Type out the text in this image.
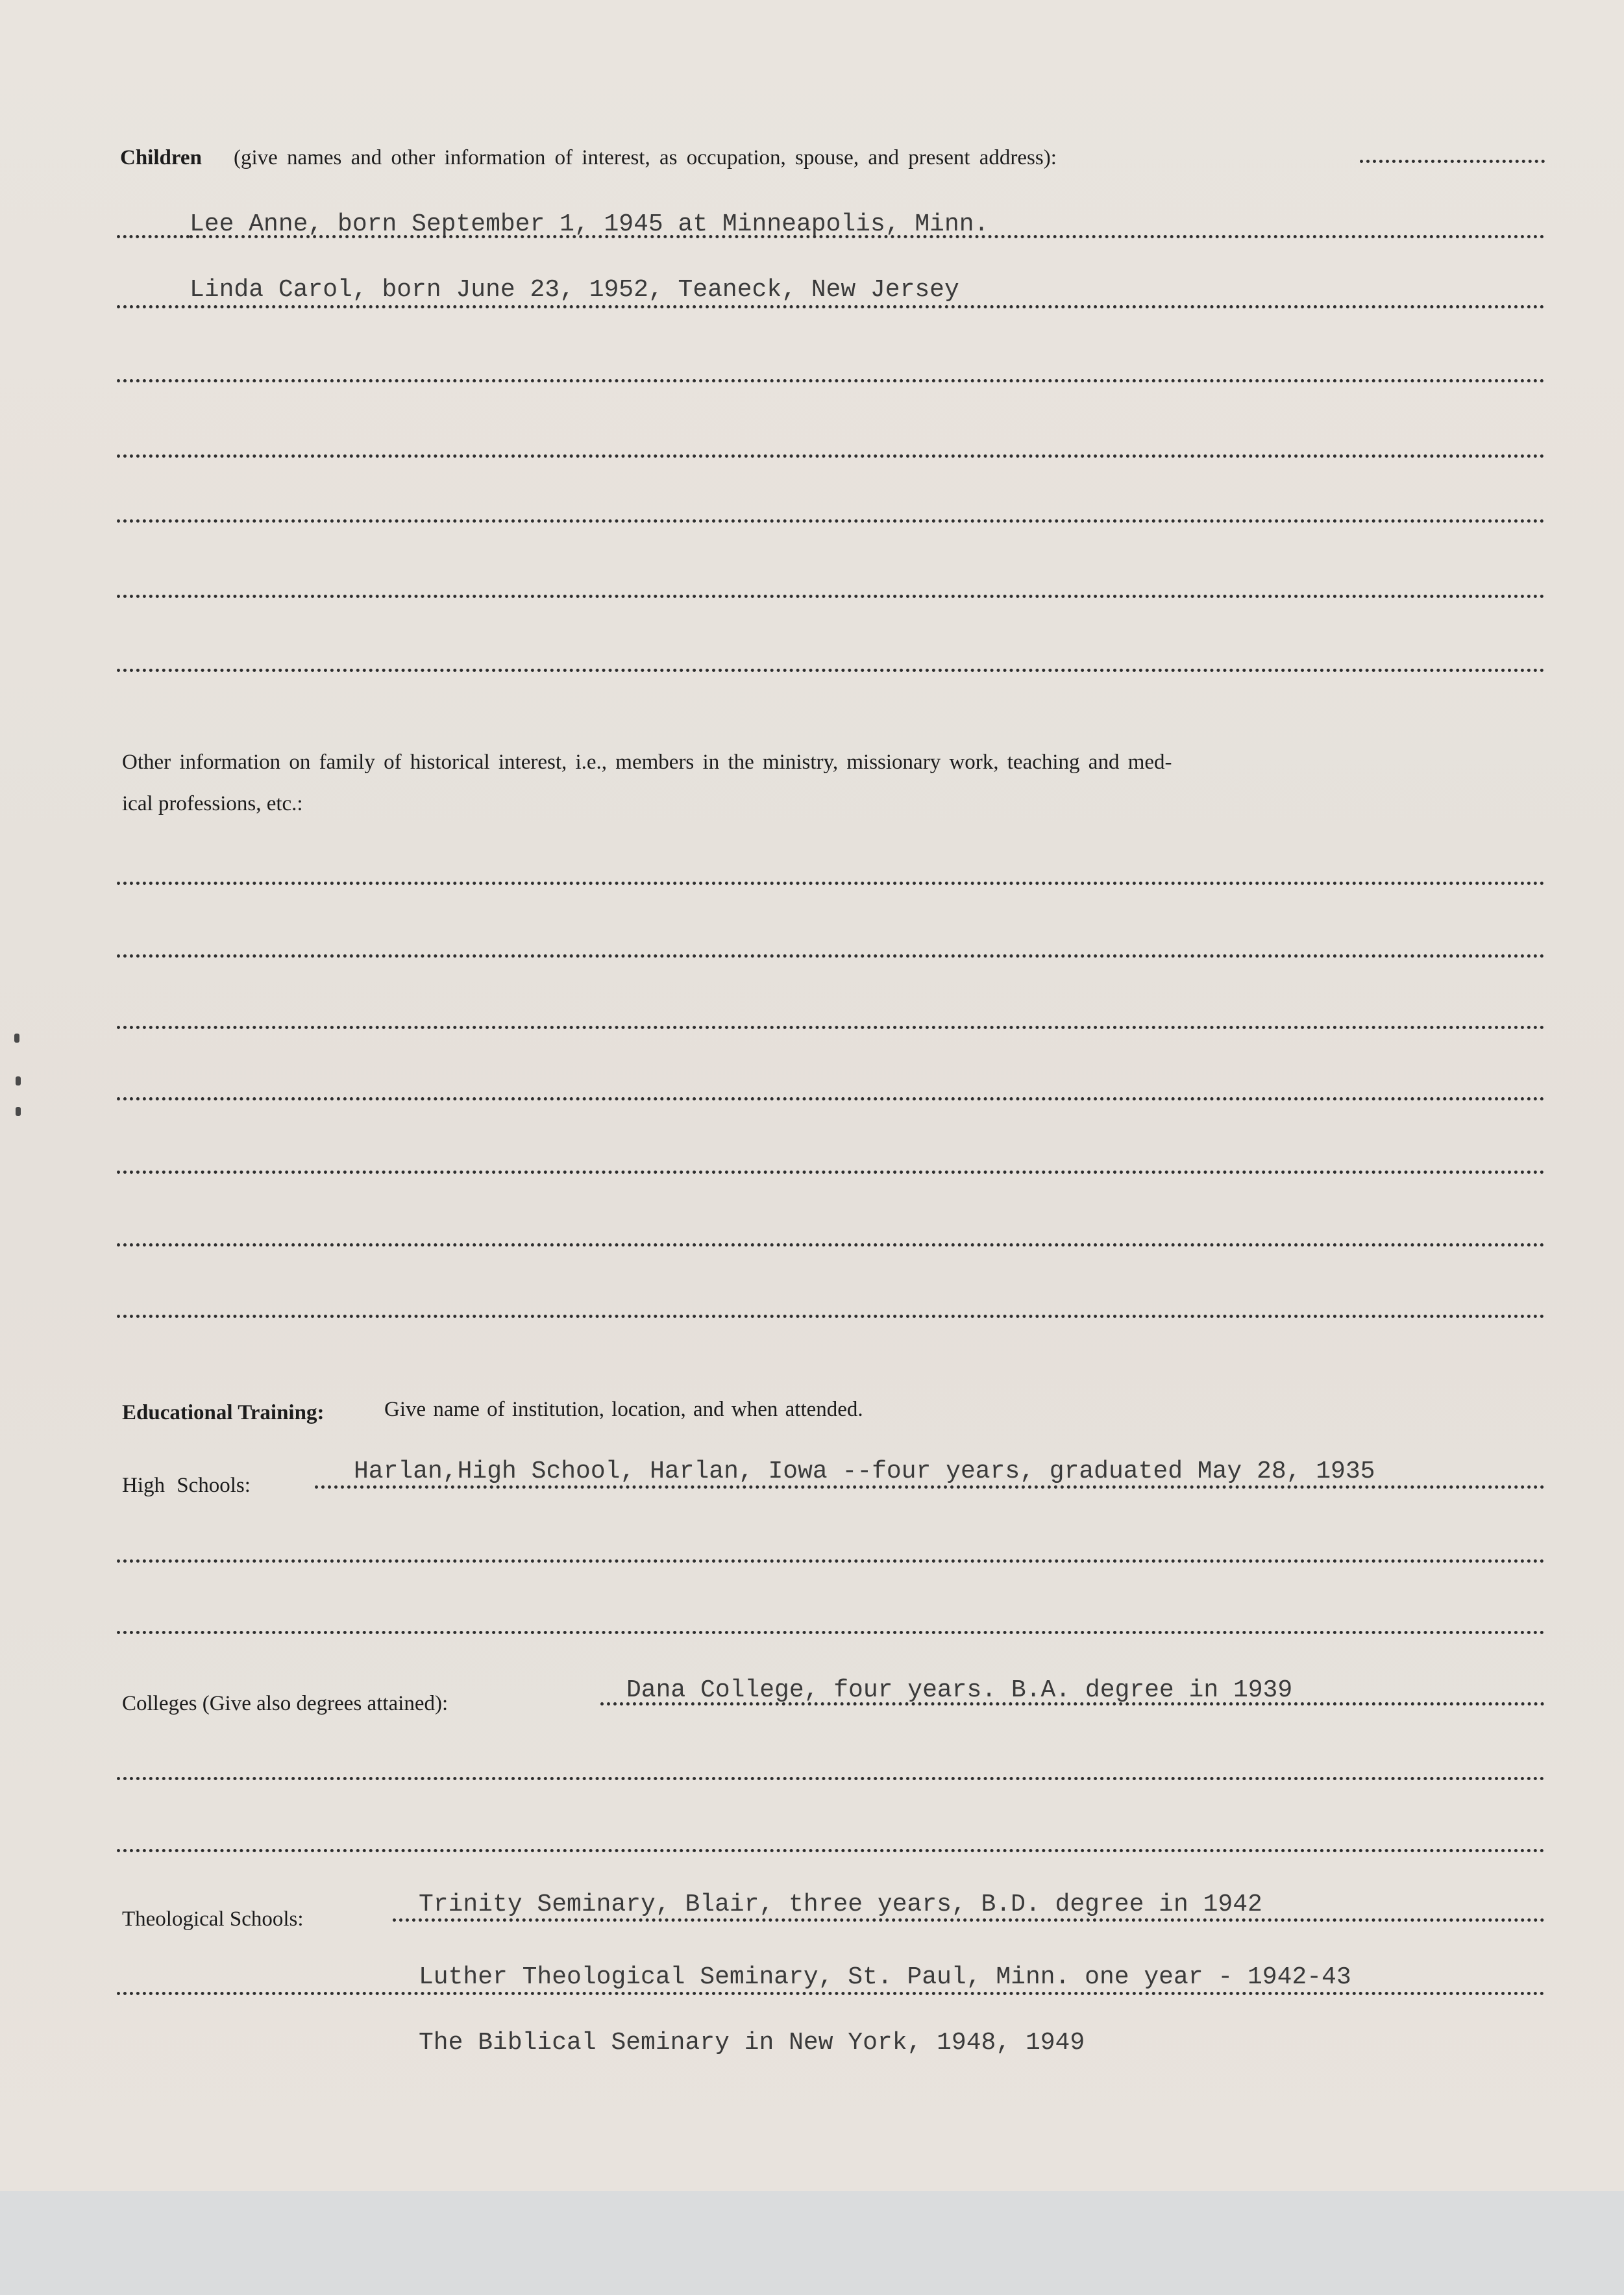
Children (give names and other information of interest, as occupation, spouse, and present address):
Lee Anne, born September 1, 1945 at Minneapolis, Minn.
Linda Carol, born June 23, 1952, Teaneck, New Jersey
Other information on family of historical interest, i.e., members in the ministry, missionary work, teaching and med-
ical professions, etc.:
Educational Training:	Give name of institution, location, and when attended.
High Schools:	Harlan,High School, Harlan, Iowa --four years, graduated May 28, 1935
Colleges (Give also degrees attained):	Dana College, four years. B.A. degree in 1939
Theological Schools:
Trinity Seminary, Blair, three years, B.D. degree in 1942
Luther Theological Seminary, St. Paul, Minn. one year - 1942-43
The Biblical Seminary in New York, 1948, 1949
